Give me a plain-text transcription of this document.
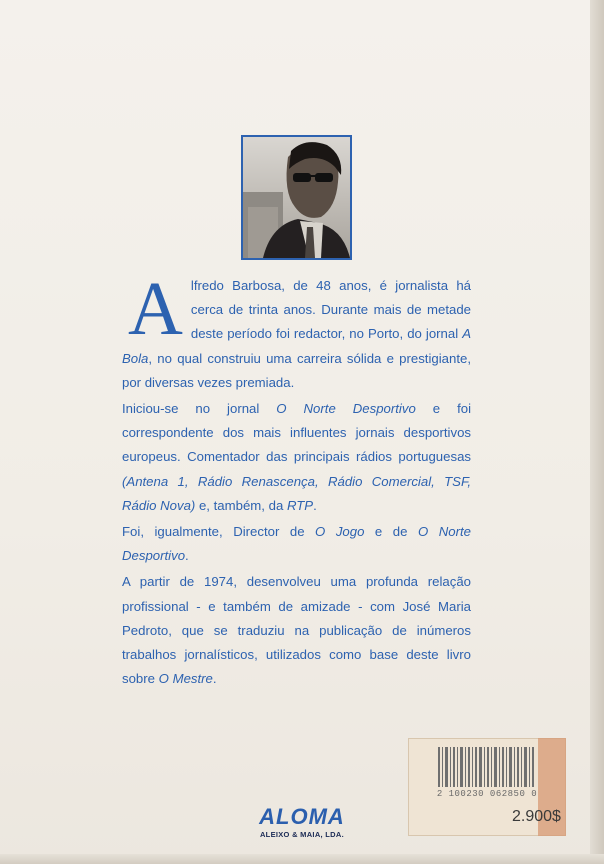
Alfredo Barbosa, de 48 anos, é jornalista há cerca de trinta anos. Durante mais de metade deste período foi redactor, no Porto, do jornal A Bola, no qual construiu uma carreira sólida e prestigiante, por diversas vezes premiada.

Iniciou-se no jornal O Norte Desportivo e foi correspondente dos mais influentes jornais desportivos europeus. Comentador das principais rádios portuguesas (Antena 1, Rádio Renascença, Rádio Comercial, TSF, Rádio Nova) e, também, da RTP.

Foi, igualmente, Director de O Jogo e de O Norte Desportivo.

A partir de 1974, desenvolveu uma profunda relação profissional - e também de amizade - com José Maria Pedroto, que se traduziu na publicação de inúmeros trabalhos jornalísticos, utilizados como base deste livro sobre O Mestre.

ALOMA
ALEIXO & MAIA, LDA.
2 100230 062850 0
2.900$
